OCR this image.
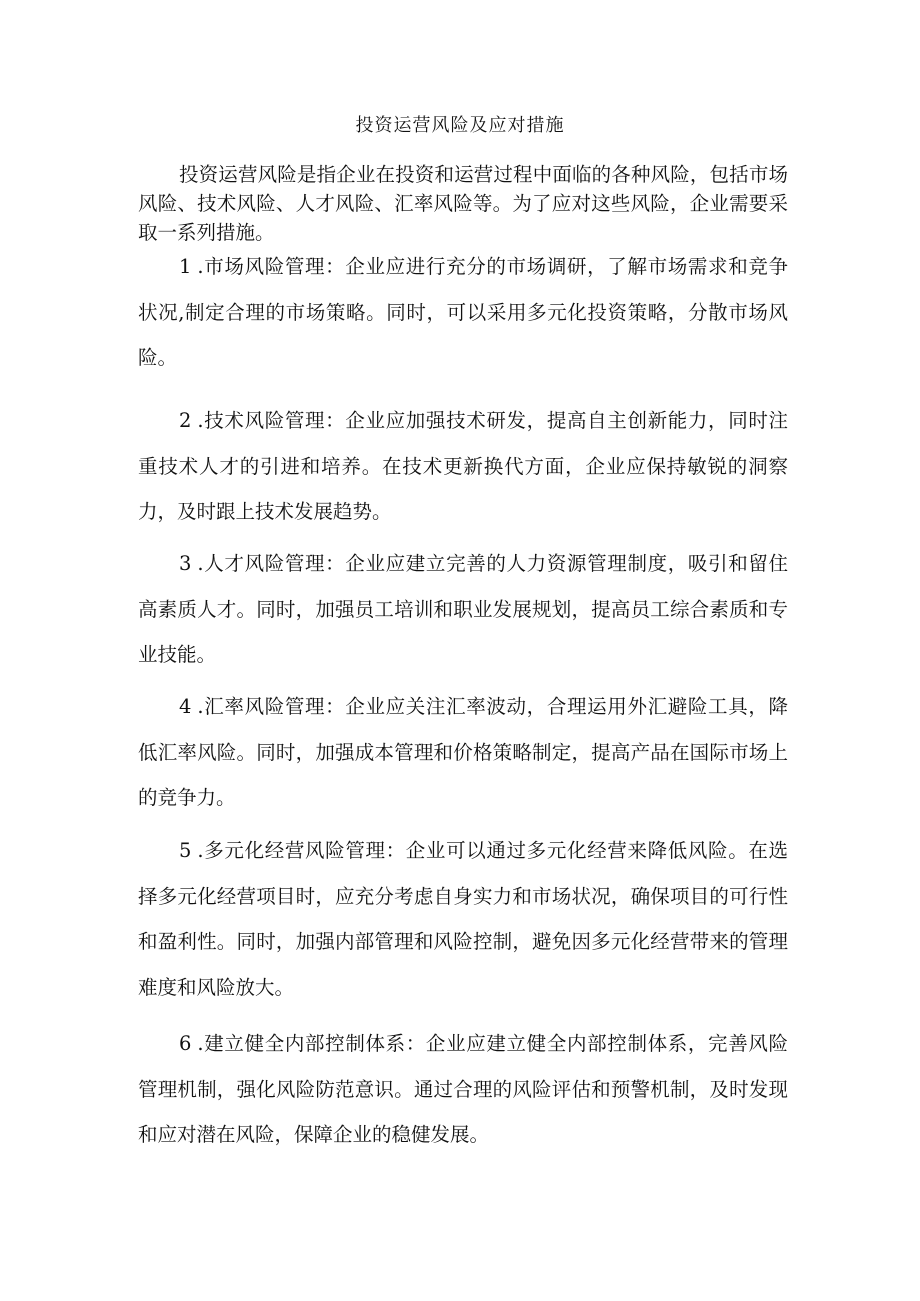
投资运营风险及应对措施

投资运营风险是指企业在投资和运营过程中面临的各种风险，包括市场风险、技术风险、人才风险、汇率风险等。为了应对这些风险，企业需要采取一系列措施。

1 .市场风险管理：企业应进行充分的市场调研，了解市场需求和竞争状况,制定合理的市场策略。同时，可以采用多元化投资策略，分散市场风险。

2 .技术风险管理：企业应加强技术研发，提高自主创新能力，同时注重技术人才的引进和培养。在技术更新换代方面，企业应保持敏锐的洞察力，及时跟上技术发展趋势。

3 .人才风险管理：企业应建立完善的人力资源管理制度，吸引和留住高素质人才。同时，加强员工培训和职业发展规划，提高员工综合素质和专业技能。

4 .汇率风险管理：企业应关注汇率波动，合理运用外汇避险工具，降低汇率风险。同时，加强成本管理和价格策略制定，提高产品在国际市场上的竞争力。

5 .多元化经营风险管理：企业可以通过多元化经营来降低风险。在选择多元化经营项目时，应充分考虑自身实力和市场状况，确保项目的可行性和盈利性。同时，加强内部管理和风险控制，避免因多元化经营带来的管理难度和风险放大。

6 .建立健全内部控制体系：企业应建立健全内部控制体系，完善风险管理机制，强化风险防范意识。通过合理的风险评估和预警机制，及时发现和应对潜在风险，保障企业的稳健发展。
